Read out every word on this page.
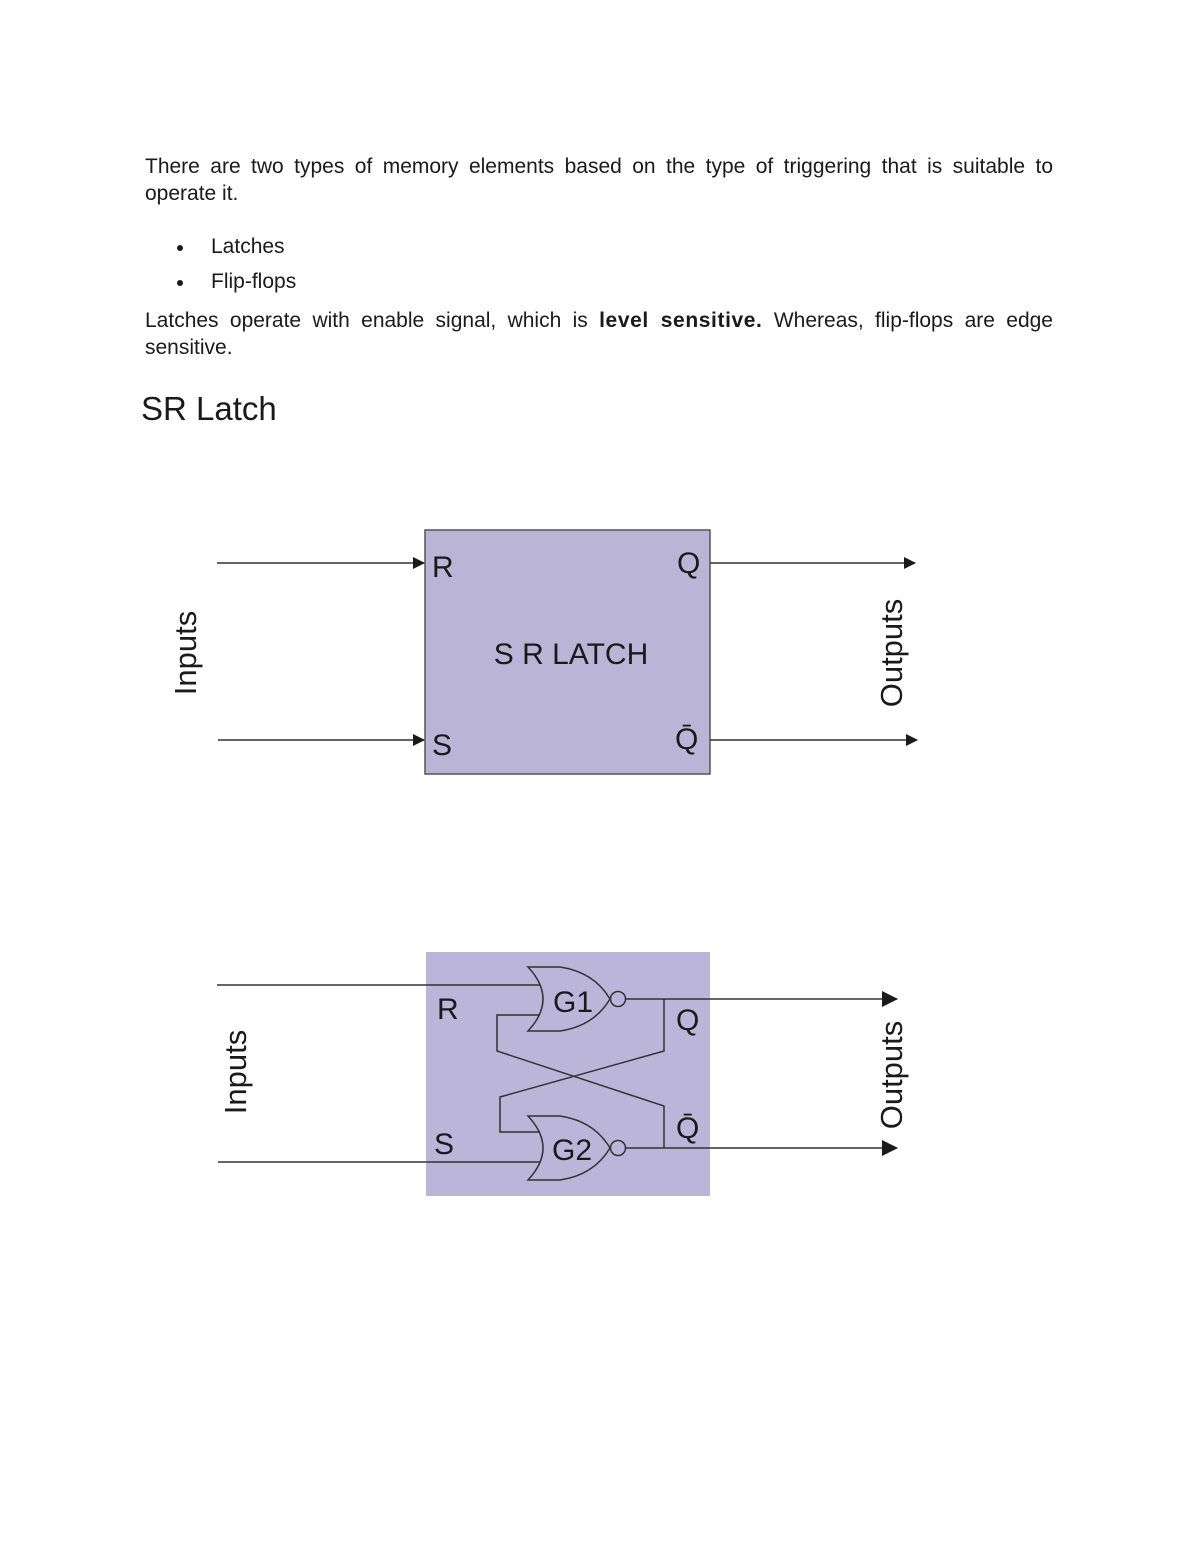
There are two types of memory elements based on the type of triggering that is suitable to operate it.

Latches
Flip-flops

Latches operate with enable signal, which is level sensitive. Whereas, flip-flops are edge sensitive.

SR Latch
R
S
Q
Q̄
S R LATCH
Inputs	Outputs
G1
G2
R
S
Q
Q̄
Inputs	Outputs
